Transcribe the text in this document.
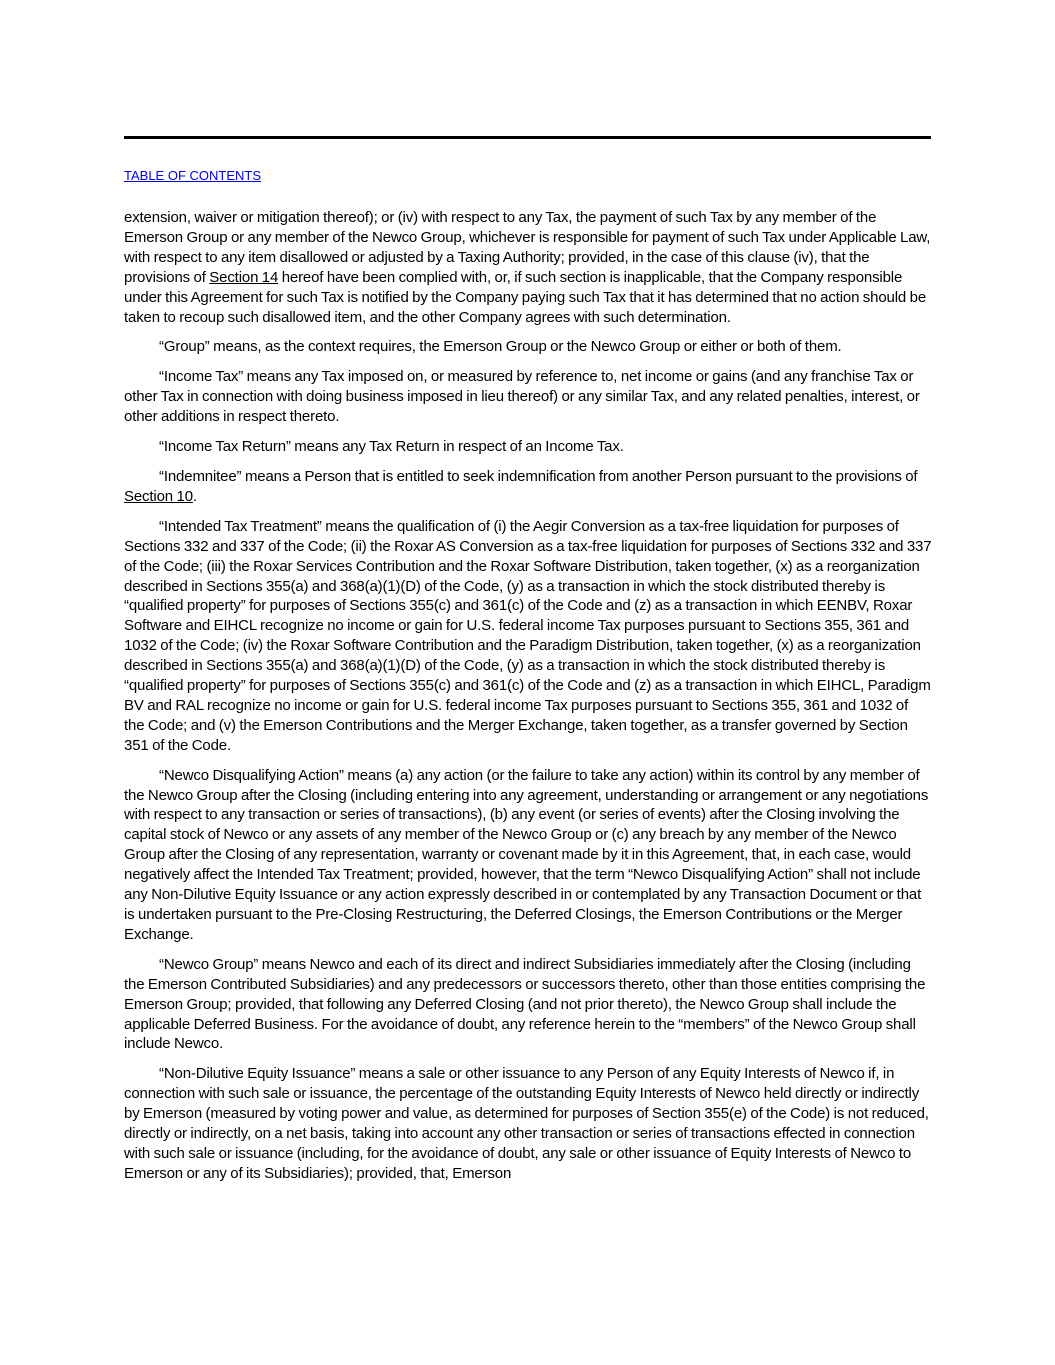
TABLE OF CONTENTS

extension, waiver or mitigation thereof); or (iv) with respect to any Tax, the payment of such Tax by any member of the Emerson Group or any member of the Newco Group, whichever is responsible for payment of such Tax under Applicable Law, with respect to any item disallowed or adjusted by a Taxing Authority; provided, in the case of this clause (iv), that the provisions of Section 14 hereof have been complied with, or, if such section is inapplicable, that the Company responsible under this Agreement for such Tax is notified by the Company paying such Tax that it has determined that no action should be taken to recoup such disallowed item, and the other Company agrees with such determination.

“Group” means, as the context requires, the Emerson Group or the Newco Group or either or both of them.

“Income Tax” means any Tax imposed on, or measured by reference to, net income or gains (and any franchise Tax or other Tax in connection with doing business imposed in lieu thereof) or any similar Tax, and any related penalties, interest, or other additions in respect thereto.

“Income Tax Return” means any Tax Return in respect of an Income Tax.

“Indemnitee” means a Person that is entitled to seek indemnification from another Person pursuant to the provisions of Section 10.

“Intended Tax Treatment” means the qualification of (i) the Aegir Conversion as a tax-free liquidation for purposes of Sections 332 and 337 of the Code; (ii) the Roxar AS Conversion as a tax-free liquidation for purposes of Sections 332 and 337 of the Code; (iii) the Roxar Services Contribution and the Roxar Software Distribution, taken together, (x) as a reorganization described in Sections 355(a) and 368(a)(1)(D) of the Code, (y) as a transaction in which the stock distributed thereby is “qualified property” for purposes of Sections 355(c) and 361(c) of the Code and (z) as a transaction in which EENBV, Roxar Software and EIHCL recognize no income or gain for U.S. federal income Tax purposes pursuant to Sections 355, 361 and 1032 of the Code; (iv) the Roxar Software Contribution and the Paradigm Distribution, taken together, (x) as a reorganization described in Sections 355(a) and 368(a)(1)(D) of the Code, (y) as a transaction in which the stock distributed thereby is “qualified property” for purposes of Sections 355(c) and 361(c) of the Code and (z) as a transaction in which EIHCL, Paradigm BV and RAL recognize no income or gain for U.S. federal income Tax purposes pursuant to Sections 355, 361 and 1032 of the Code; and (v) the Emerson Contributions and the Merger Exchange, taken together, as a transfer governed by Section 351 of the Code.

“Newco Disqualifying Action” means (a) any action (or the failure to take any action) within its control by any member of the Newco Group after the Closing (including entering into any agreement, understanding or arrangement or any negotiations with respect to any transaction or series of transactions), (b) any event (or series of events) after the Closing involving the capital stock of Newco or any assets of any member of the Newco Group or (c) any breach by any member of the Newco Group after the Closing of any representation, warranty or covenant made by it in this Agreement, that, in each case, would negatively affect the Intended Tax Treatment; provided, however, that the term “Newco Disqualifying Action” shall not include any Non-Dilutive Equity Issuance or any action expressly described in or contemplated by any Transaction Document or that is undertaken pursuant to the Pre-Closing Restructuring, the Deferred Closings, the Emerson Contributions or the Merger Exchange.

“Newco Group” means Newco and each of its direct and indirect Subsidiaries immediately after the Closing (including the Emerson Contributed Subsidiaries) and any predecessors or successors thereto, other than those entities comprising the Emerson Group; provided, that following any Deferred Closing (and not prior thereto), the Newco Group shall include the applicable Deferred Business. For the avoidance of doubt, any reference herein to the “members” of the Newco Group shall include Newco.

“Non-Dilutive Equity Issuance” means a sale or other issuance to any Person of any Equity Interests of Newco if, in connection with such sale or issuance, the percentage of the outstanding Equity Interests of Newco held directly or indirectly by Emerson (measured by voting power and value, as determined for purposes of Section 355(e) of the Code) is not reduced, directly or indirectly, on a net basis, taking into account any other transaction or series of transactions effected in connection with such sale or issuance (including, for the avoidance of doubt, any sale or other issuance of Equity Interests of Newco to Emerson or any of its Subsidiaries); provided, that, Emerson
